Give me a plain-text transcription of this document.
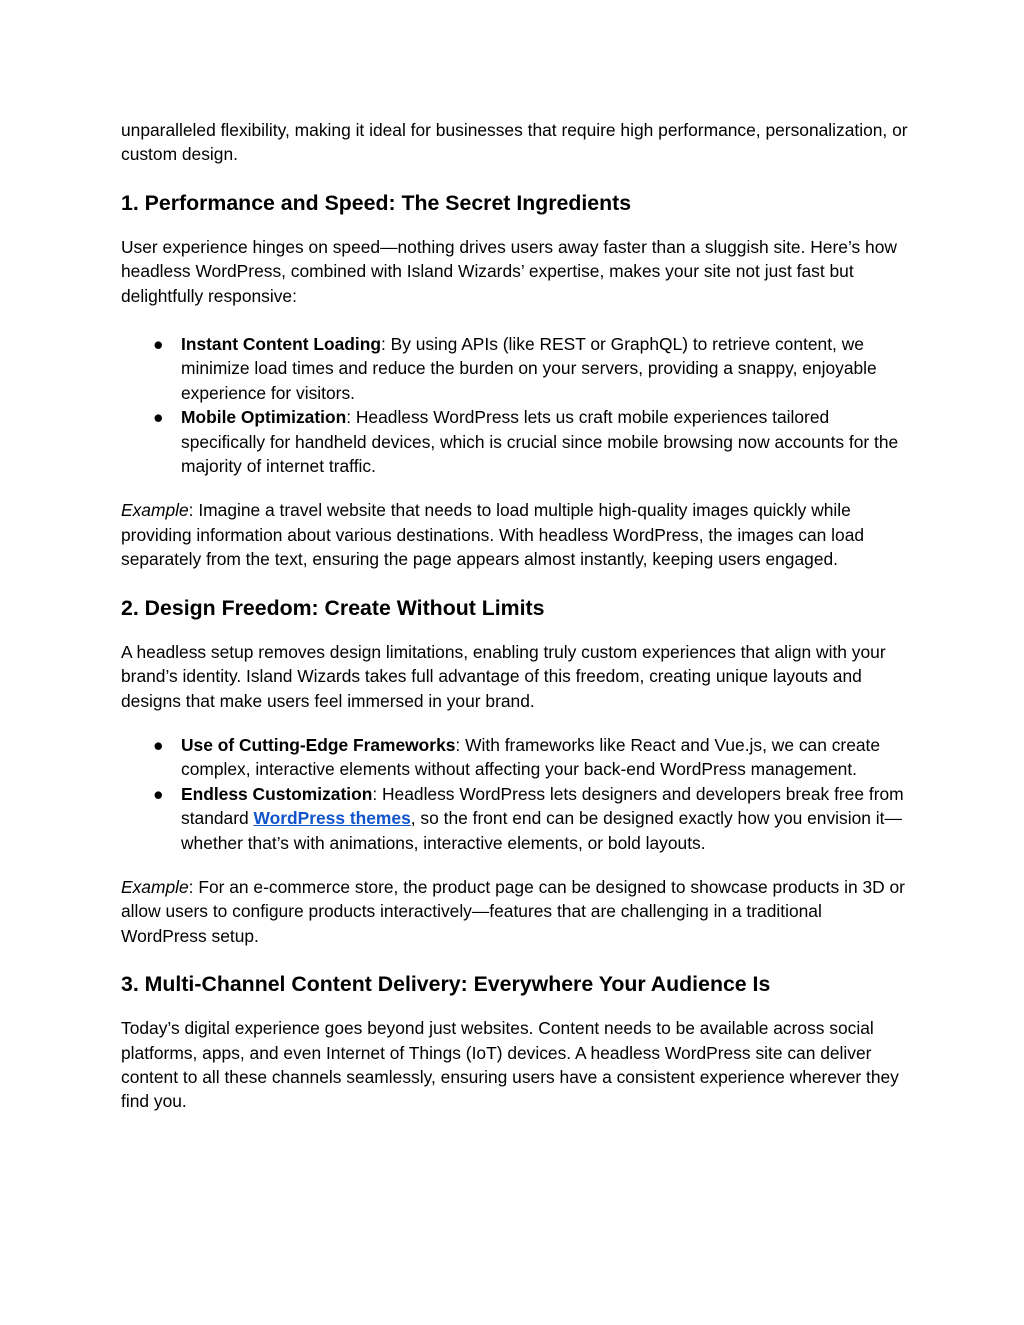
unparalleled flexibility, making it ideal for businesses that require high performance, personalization, or custom design.

1. Performance and Speed: The Secret Ingredients

User experience hinges on speed—nothing drives users away faster than a sluggish site. Here’s how headless WordPress, combined with Island Wizards’ expertise, makes your site not just fast but delightfully responsive:

● Instant Content Loading: By using APIs (like REST or GraphQL) to retrieve content, we minimize load times and reduce the burden on your servers, providing a snappy, enjoyable experience for visitors.
● Mobile Optimization: Headless WordPress lets us craft mobile experiences tailored specifically for handheld devices, which is crucial since mobile browsing now accounts for the majority of internet traffic.

Example: Imagine a travel website that needs to load multiple high-quality images quickly while providing information about various destinations. With headless WordPress, the images can load separately from the text, ensuring the page appears almost instantly, keeping users engaged.

2. Design Freedom: Create Without Limits

A headless setup removes design limitations, enabling truly custom experiences that align with your brand’s identity. Island Wizards takes full advantage of this freedom, creating unique layouts and designs that make users feel immersed in your brand.

● Use of Cutting-Edge Frameworks: With frameworks like React and Vue.js, we can create complex, interactive elements without affecting your back-end WordPress management.
● Endless Customization: Headless WordPress lets designers and developers break free from standard WordPress themes, so the front end can be designed exactly how you envision it—whether that’s with animations, interactive elements, or bold layouts.

Example: For an e-commerce store, the product page can be designed to showcase products in 3D or allow users to configure products interactively—features that are challenging in a traditional WordPress setup.

3. Multi-Channel Content Delivery: Everywhere Your Audience Is

Today’s digital experience goes beyond just websites. Content needs to be available across social platforms, apps, and even Internet of Things (IoT) devices. A headless WordPress site can deliver content to all these channels seamlessly, ensuring users have a consistent experience wherever they find you.
